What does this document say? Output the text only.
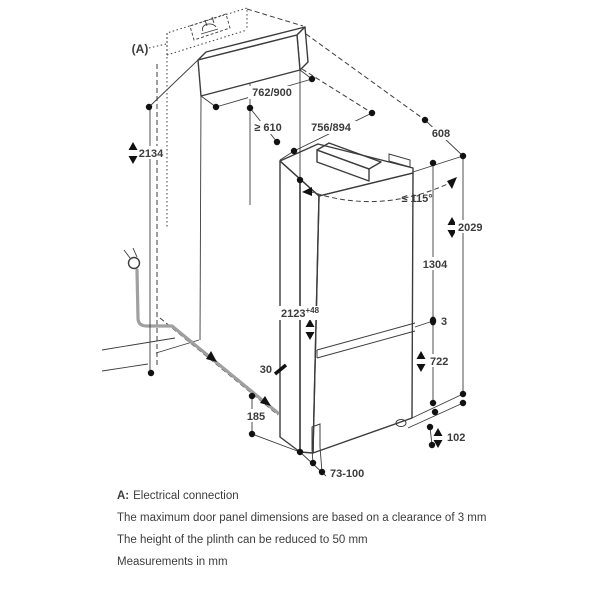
(A)
762/900
≥ 610	756/894	608
≤ 115°
2029
1304
3
722
102
2134
$2123^{+48}$
30
185
73-100
A: Electrical connection
The maximum door panel dimensions are based on a clearance of 3 mm
The height of the plinth can be reduced to 50 mm
Measurements in mm
